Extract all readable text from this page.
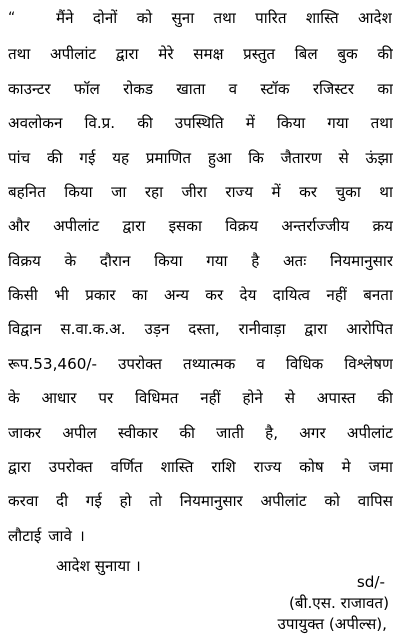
“	मैंने दोनों को सुना तथा पारित शास्ति आदेश
तथा अपीलांट द्वारा मेरे समक्ष प्रस्तुत बिल बुक की
काउन्टर फॉल रोकड खाता व स्टॉक रजिस्टर का
अवलोकन वि.प्र. की उपस्थिति में किया गया तथा
पांच की गई यह प्रमाणित हुआ कि जैतारण से ऊंझा
बहनित किया जा रहा जीरा राज्य में कर चुका था
और अपीलांट द्वारा इसका विक्रय अन्तर्राज्जीय क्रय
विक्रय के दौरान किया गया है अतः नियमानुसार
किसी भी प्रकार का अन्य कर देय दायित्व नहीं बनता
विद्वान स.वा.क.अ. उड़न दस्ता, रानीवाड़ा द्वारा आरोपित
रूप.53,460/- उपरोक्त तथ्यात्मक व विधिक विश्लेषण
के आधार पर विधिमत नहीं होने से अपास्त की
जाकर अपील स्वीकार की जाती है, अगर अपीलांट
द्वारा उपरोक्त वर्णित शास्ति राशि राज्य कोष मे जमा
करवा दी गई हो तो नियमानुसार अपीलांट को वापिस
लौटाई जावे ।
आदेश सुनाया ।
sd/-
(बी.एस. राजावत)
उपायुक्त (अपील्स),
